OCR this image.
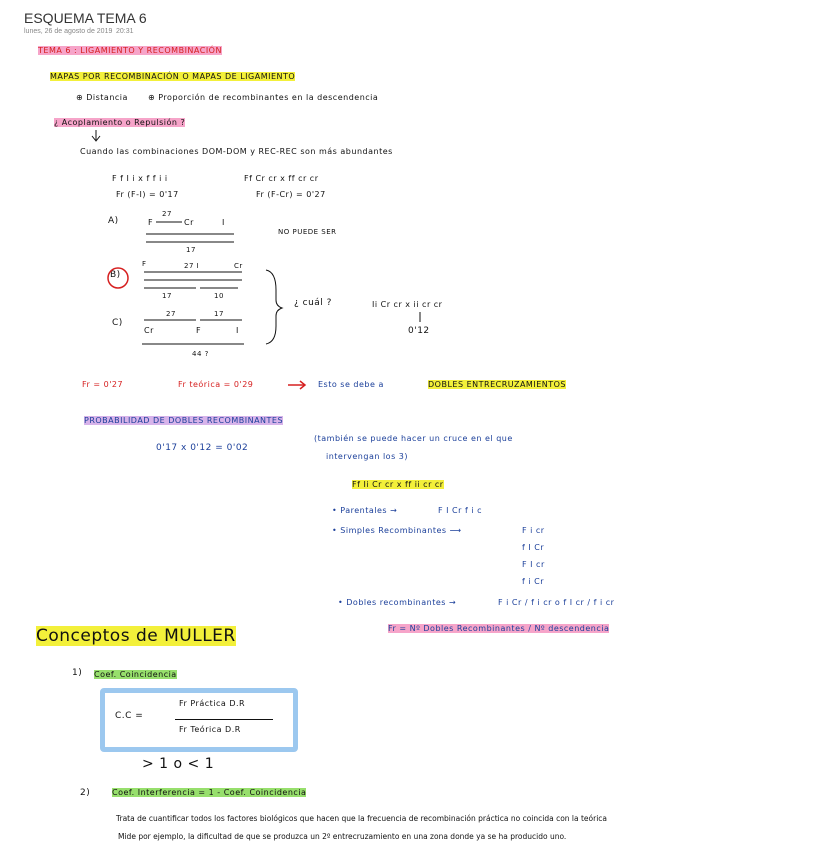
ESQUEMA TEMA 6
lunes, 26 de agosto de 2019 20:31
TEMA 6 : LIGAMIENTO Y RECOMBINACIÓN
MAPAS POR RECOMBINACIÓN O MAPAS DE LIGAMIENTO
⊕ Distancia	⊕ Proporción de recombinantes en la descendencia
¿ Acoplamiento o Repulsión ?
Cuando las combinaciones DOM-DOM y REC-REC son más abundantes
F f I i x f f i i	Ff Cr cr x ff cr cr
Fr (F-I) = 0'17	Fr (F-Cr) = 0'27
A)	F
27
Cr	I
17
NO PUEDE SER
B)
F	27 I	Cr
17	10
C)
27	17
Cr	F	I
44 ?
¿ cuál ?	Ii Cr cr x ii cr cr
0'12
Fr = 0'27	Fr teórica = 0'29	Esto se debe a	DOBLES ENTRECRUZAMIENTOS
PROBABILIDAD DE DOBLES RECOMBINANTES
0'17 x 0'12 = 0'02
(también se puede hacer un cruce en el que
intervengan los 3)
Ff Ii Cr cr x ff ii cr cr
• Parentales →	F I Cr f i c
• Simples Recombinantes ⟶	F i cr
f I Cr
F I cr
f i Cr
• Dobles recombinantes →	F i Cr / f i cr o f I cr / f i cr
Fr = Nº Dobles Recombinantes / Nº descendencia
Conceptos de MULLER
1) Coef. Coincidencia
C.C =
Fr Práctica D.R
Fr Teórica D.R
> 1 o < 1
2)	Coef. Interferencia = 1 - Coef. Coincidencia
Trata de cuantificar todos los factores biológicos que hacen que la frecuencia de recombinación práctica no coincida con la teórica
Mide por ejemplo, la dificultad de que se produzca un 2º entrecruzamiento en una zona donde ya se ha producido uno.
